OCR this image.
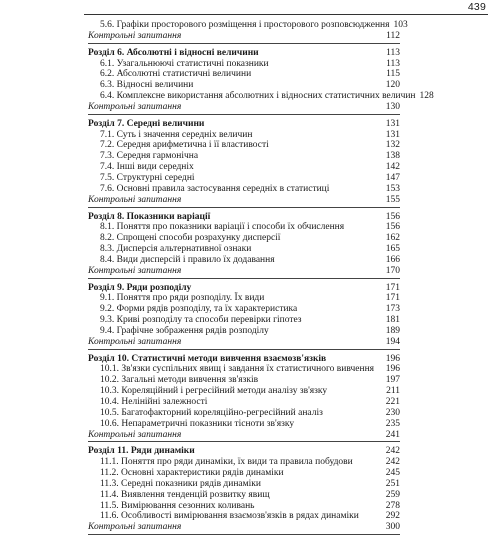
439
5.6. Графіки просторового розміщення і просторового розповсюдження 103
Контрольні запитання	112
Розділ 6. Абсолютні і відносні величини	113
6.1. Узагальнюючі статистичні показники	113
6.2. Абсолютні статистичні величини	115
6.3. Відносні величини	120
6.4. Комплексне використання абсолютних і відносних статистичних величин 128
Контрольні запитання	130
Розділ 7. Середні величини	131
7.1. Суть і значення середніх величин	131
7.2. Середня арифметична і її властивості	132
7.3. Середня гармонічна	138
7.4. Інші види середніх	142
7.5. Структурні середні	147
7.6. Основні правила застосування середніх в статистиці	153
Контрольні запитання	155
Розділ 8. Показники варіації	156
8.1. Поняття про показники варіації і способи їх обчислення	156
8.2. Спрощені способи розрахунку дисперсії	162
8.3. Дисперсія альтернативної ознаки	165
8.4. Види дисперсій і правило їх додавання	166
Контрольні запитання	170
Розділ 9. Ряди розподілу	171
9.1. Поняття про ряди розподілу. Їх види	171
9.2. Форми рядів розподілу, та їх характеристика	173
9.3. Криві розподілу та способи перевірки гіпотез	181
9.4. Графічне зображення рядів розподілу	189
Контрольні запитання	194
Розділ 10. Статистичні методи вивчення взаємозв'язків	196
10.1. Зв'язки суспільних явищ і завдання їх статистичного вивчення	196
10.2. Загальні методи вивчення зв'язків	197
10.3. Кореляційний і регресійний методи аналізу зв'язку	211
10.4. Нелінійні залежності	221
10.5. Багатофакторний кореляційно-регресійний аналіз	230
10.6. Непараметричні показники тісноти зв'язку	235
Контрольні запитання	241
Розділ 11. Ряди динаміки	242
11.1. Поняття про ряди динаміки, їх види та правила побудови	242
11.2. Основні характеристики рядів динаміки	245
11.3. Середні показники рядів динаміки	251
11.4. Виявлення тенденцій розвитку явищ	259
11.5. Вимірювання сезонних коливань	278
11.6. Особливості вимірювання взаємозв'язків в рядах динаміки	292
Контрольні запитання	300
